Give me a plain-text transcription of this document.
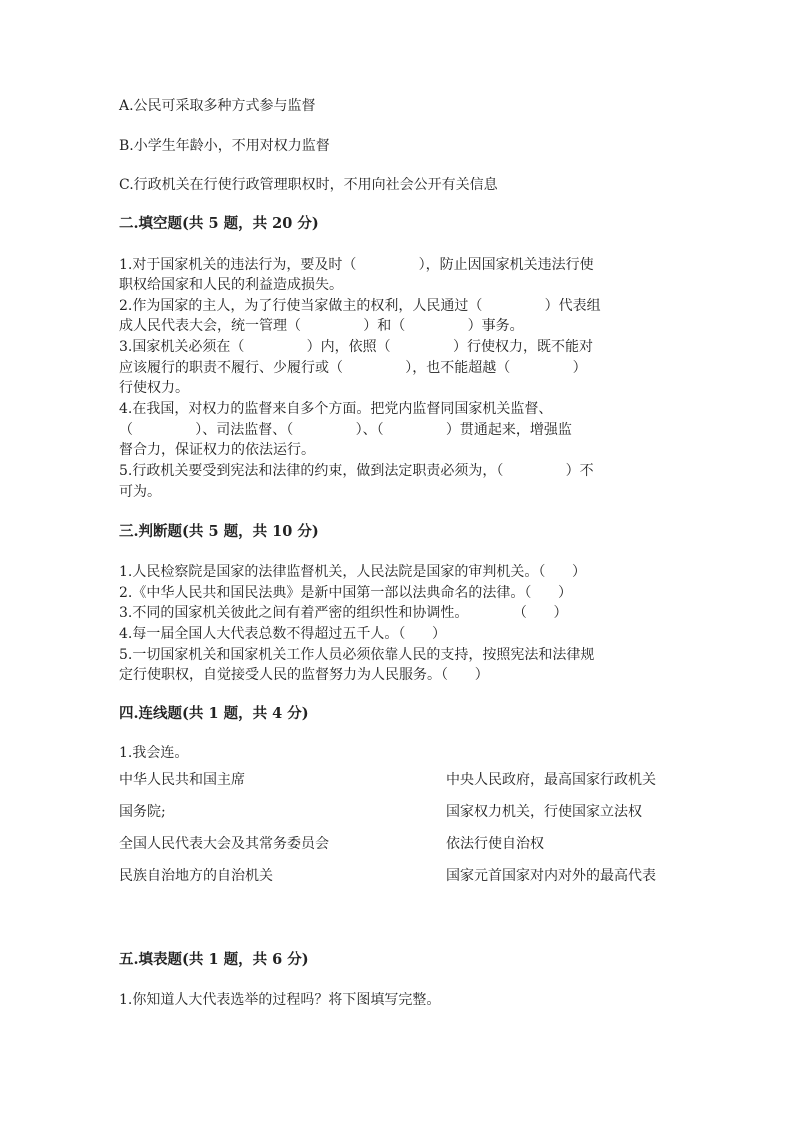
A.公民可采取多种方式参与监督
B.小学生年龄小，不用对权力监督
C.行政机关在行使行政管理职权时，不用向社会公开有关信息
二.填空题(共 5 题，共 20 分)
1.对于国家机关的违法行为，要及时（              ），防止因国家机关违法行使
职权给国家和人民的利益造成损失。
2.作为国家的主人，为了行使当家做主的权利，人民通过（              ）代表组
成人民代表大会，统一管理（              ）和（              ）事务。
3.国家机关必须在（              ）内，依照（              ）行使权力，既不能对
应该履行的职责不履行、少履行或（              ），也不能超越（              ）
行使权力。
4.在我国，对权力的监督来自多个方面。把党内监督同国家机关监督、
（              ）、司法监督、（              ）、（              ）贯通起来，增强监
督合力，保证权力的依法运行。
5.行政机关要受到宪法和法律的约束，做到法定职责必须为，（              ）不
可为。
三.判断题(共 5 题，共 10 分)
1.人民检察院是国家的法律监督机关，人民法院是国家的审判机关。（      ）
2.《中华人民共和国民法典》是新中国第一部以法典命名的法律。（      ）
3.不同的国家机关彼此之间有着严密的组织性和协调性。          （      ）
4.每一届全国人大代表总数不得超过五千人。（      ）
5.一切国家机关和国家机关工作人员必须依靠人民的支持，按照宪法和法律规
定行使职权，自觉接受人民的监督努力为人民服务。（      ）
四.连线题(共 1 题，共 4 分)
1.我会连。
中华人民共和国主席	中央人民政府，最高国家行政机关
国务院;	国家权力机关，行使国家立法权
全国人民代表大会及其常务委员会	依法行使自治权
民族自治地方的自治机关	国家元首国家对内对外的最高代表
五.填表题(共 1 题，共 6 分)
1.你知道人大代表选举的过程吗？将下图填写完整。
